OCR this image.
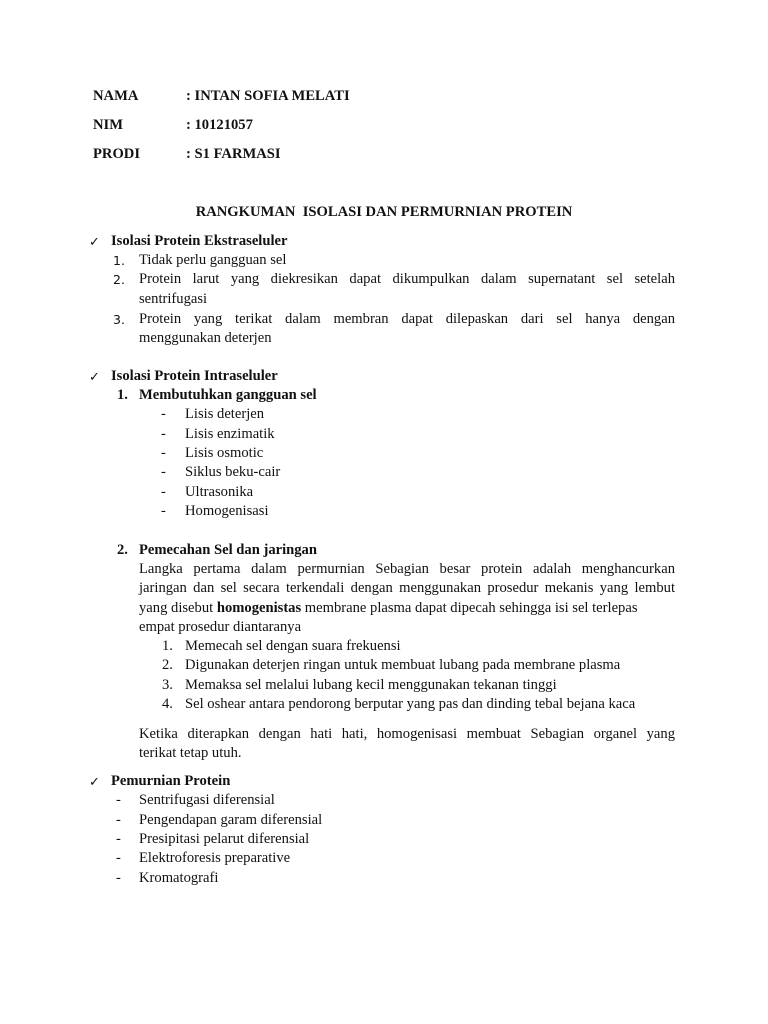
NAMA	: INTAN SOFIA MELATI
NIM	: 10121057
PRODI	: S1 FARMASI
RANGKUMAN  ISOLASI DAN PERMURNIAN PROTEIN
✓ Isolasi Protein Ekstraseluler
1. Tidak perlu gangguan sel
2. Protein larut yang diekresikan dapat dikumpulkan dalam supernatant sel setelah
sentrifugasi
3. Protein yang terikat dalam membran dapat dilepaskan dari sel hanya dengan
menggunakan deterjen
✓ Isolasi Protein Intraseluler
1. Membutuhkan gangguan sel
- Lisis deterjen
- Lisis enzimatik
- Lisis osmotic
- Siklus beku-cair
- Ultrasonika
- Homogenisasi
2. Pemecahan Sel dan jaringan
Langka pertama dalam permurnian Sebagian besar protein adalah menghancurkan
jaringan dan sel secara terkendali dengan menggunakan prosedur mekanis yang lembut
yang disebut homogenistas membrane plasma dapat dipecah sehingga isi sel terlepas
empat prosedur diantaranya
1. Memecah sel dengan suara frekuensi
2. Digunakan deterjen ringan untuk membuat lubang pada membrane plasma
3. Memaksa sel melalui lubang kecil menggunakan tekanan tinggi
4. Sel oshear antara pendorong berputar yang pas dan dinding tebal bejana kaca
Ketika diterapkan dengan hati hati, homogenisasi membuat Sebagian organel yang
terikat tetap utuh.
✓ Pemurnian Protein
- Sentrifugasi diferensial
- Pengendapan garam diferensial
- Presipitasi pelarut diferensial
- Elektroforesis preparative
- Kromatografi
